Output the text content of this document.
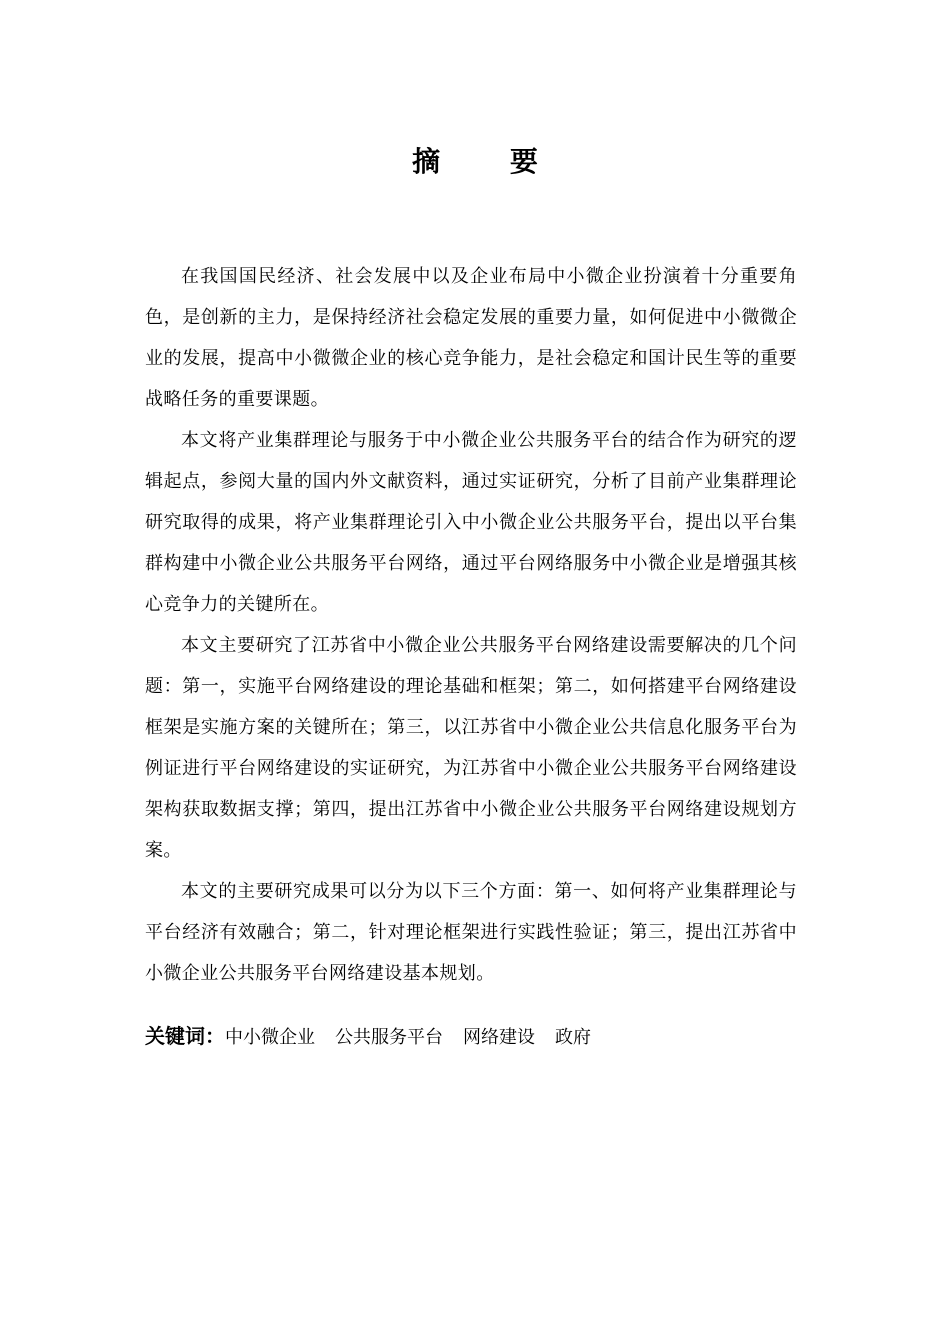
摘 要

在我国国民经济、社会发展中以及企业布局中小微企业扮演着十分重要角色，是创新的主力，是保持经济社会稳定发展的重要力量，如何促进中小微微企业的发展，提高中小微微企业的核心竞争能力，是社会稳定和国计民生等的重要战略任务的重要课题。

本文将产业集群理论与服务于中小微企业公共服务平台的结合作为研究的逻辑起点，参阅大量的国内外文献资料，通过实证研究，分析了目前产业集群理论研究取得的成果，将产业集群理论引入中小微企业公共服务平台，提出以平台集群构建中小微企业公共服务平台网络，通过平台网络服务中小微企业是增强其核心竞争力的关键所在。

本文主要研究了江苏省中小微企业公共服务平台网络建设需要解决的几个问题：第一，实施平台网络建设的理论基础和框架；第二，如何搭建平台网络建设框架是实施方案的关键所在；第三，以江苏省中小微企业公共信息化服务平台为例证进行平台网络建设的实证研究，为江苏省中小微企业公共服务平台网络建设架构获取数据支撑；第四，提出江苏省中小微企业公共服务平台网络建设规划方案。

本文的主要研究成果可以分为以下三个方面：第一、如何将产业集群理论与平台经济有效融合；第二，针对理论框架进行实践性验证；第三，提出江苏省中小微企业公共服务平台网络建设基本规划。

关键词：中小微企业 公共服务平台 网络建设 政府
